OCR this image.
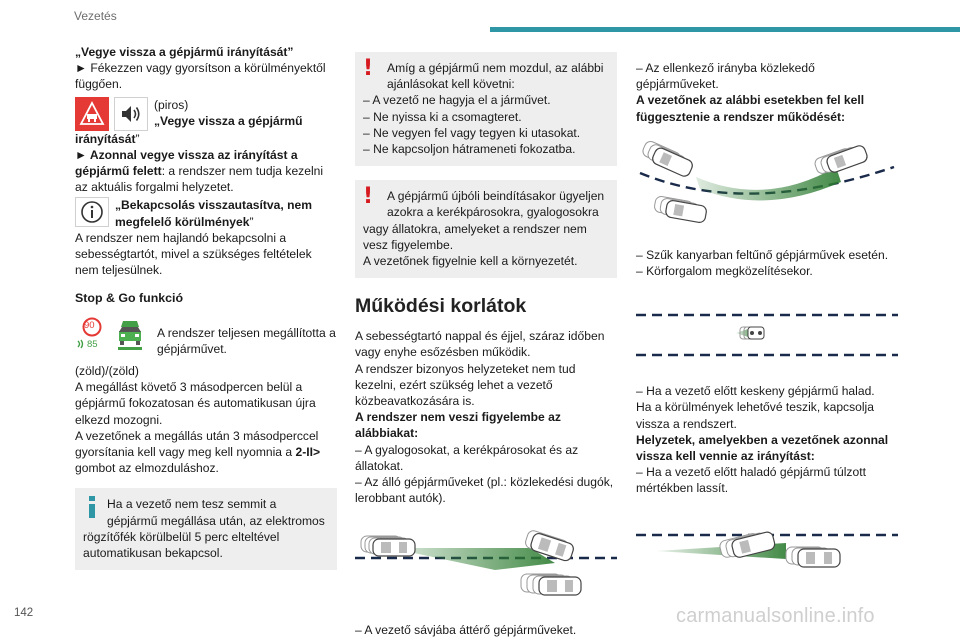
Vezetés

„Vegye vissza a gépjármű irányítását”

► Fékezzen vagy gyorsítson a körülményektől függően.

(piros)

„Vegye vissza a gépjármű

irányítását”

► Azonnal vegye vissza az irányítást a gépjármű felett: a rendszer nem tudja kezelni az aktuális forgalmi helyzetet.

„Bekapcsolás visszautasítva, nem

megfelelő körülmények”

A rendszer nem hajlandó bekapcsolni a sebességtartót, mivel a szükséges feltételek nem teljesülnek.

Stop & Go funkció

90
85

A rendszer teljesen megállította a gépjárművet.

(zöld)/(zöld)

A megállást követő 3 másodpercen belül a gépjármű fokozatosan és automatikusan újra elkezd mozogni.

A vezetőnek a megállás után 3 másodperccel gyorsítania kell vagy meg kell nyomnia a 2-II> gombot az elmozduláshoz.

Ha a vezető nem tesz semmit a gépjármű megállása után, az elektromos

rögzítőfék körülbelül 5 perc elteltével automatikusan bekapcsol.

!	Amíg a gépjármű nem mozdul, az alábbi ajánlásokat kell követni:

– A vezető ne hagyja el a járművet.

– Ne nyissa ki a csomagteret.

– Ne vegyen fel vagy tegyen ki utasokat.

– Ne kapcsoljon hátrameneti fokozatba.

!	A gépjármű újbóli beindításakor ügyeljen azokra a kerékpárosokra, gyalogosokra

vagy állatokra, amelyeket a rendszer nem vesz figyelembe.

A vezetőnek figyelnie kell a környezetét.

Működési korlátok

A sebességtartó nappal és éjjel, száraz időben vagy enyhe esőzésben működik.

A rendszer bizonyos helyzeteket nem tud kezelni, ezért szükség lehet a vezető közbeavatkozására is.

A rendszer nem veszi figyelembe az alábbiakat:

– A gyalogosokat, a kerékpárosokat és az állatokat.

– Az álló gépjárműveket (pl.: közlekedési dugók, lerobbant autók).

– A vezető sávjába áttérő gépjárműveket.

– Az ellenkező irányba közlekedő gépjárműveket.

A vezetőnek az alábbi esetekben fel kell függesztenie a rendszer működését:

– Szűk kanyarban feltűnő gépjárművek esetén.

– Körforgalom megközelítésekor.

– Ha a vezető előtt keskeny gépjármű halad.

Ha a körülmények lehetővé teszik, kapcsolja vissza a rendszert.

Helyzetek, amelyekben a vezetőnek azonnal vissza kell vennie az irányítást:

– Ha a vezető előtt haladó gépjármű túlzott mértékben lassít.

142	carmanualsonline.info
